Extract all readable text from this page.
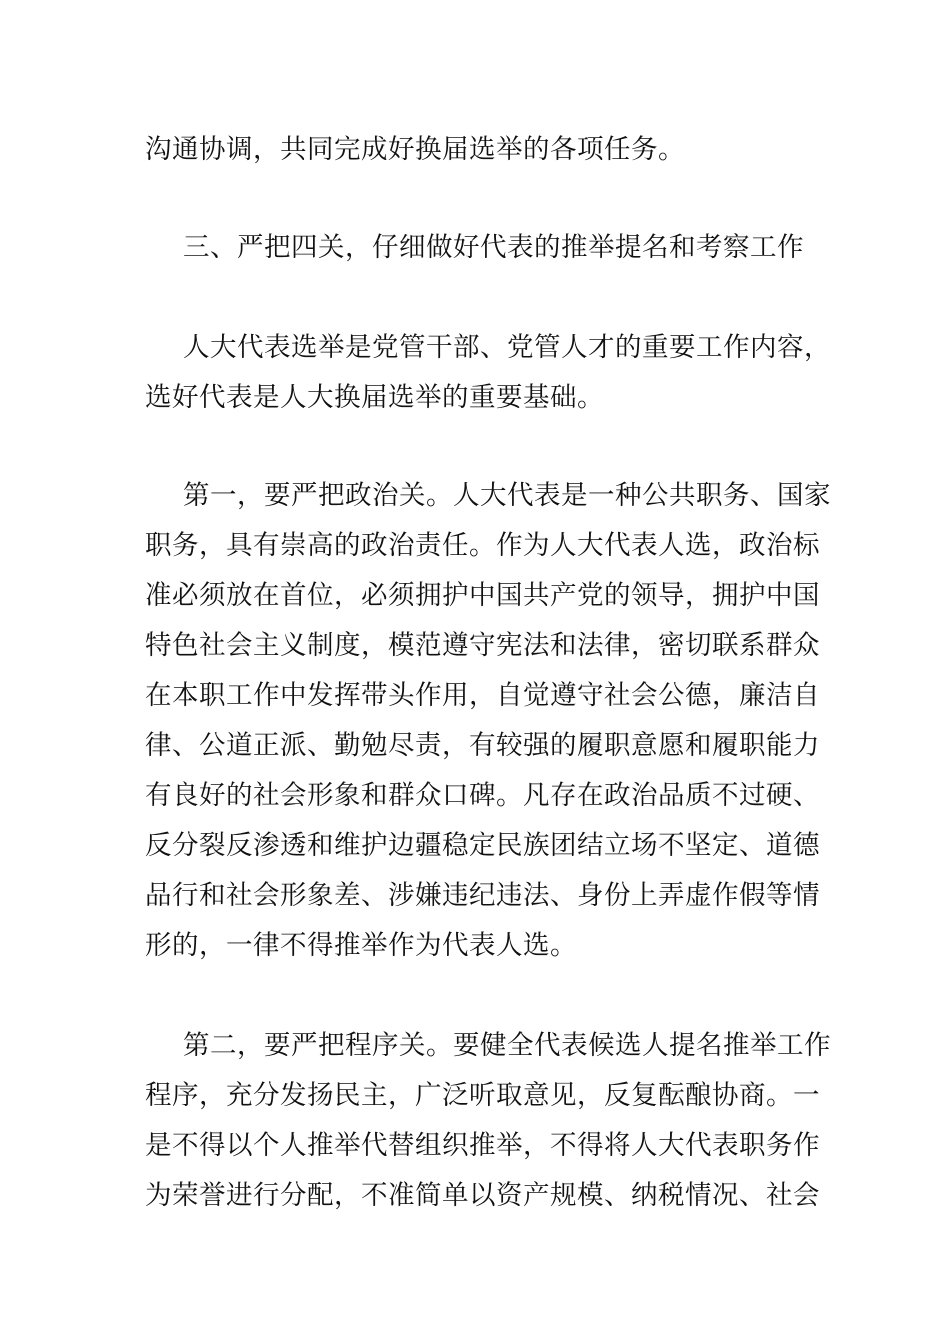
沟通协调，共同完成好换届选举的各项任务。
三、严把四关，仔细做好代表的推举提名和考察工作
人大代表选举是党管干部、党管人才的重要工作内容，
选好代表是人大换届选举的重要基础。
第一，要严把政治关。人大代表是一种公共职务、国家
职务，具有崇高的政治责任。作为人大代表人选，政治标
准必须放在首位，必须拥护中国共产党的领导，拥护中国
特色社会主义制度，模范遵守宪法和法律，密切联系群众
在本职工作中发挥带头作用，自觉遵守社会公德，廉洁自
律、公道正派、勤勉尽责，有较强的履职意愿和履职能力
有良好的社会形象和群众口碑。凡存在政治品质不过硬、
反分裂反渗透和维护边疆稳定民族团结立场不坚定、道德
品行和社会形象差、涉嫌违纪违法、身份上弄虚作假等情
形的，一律不得推举作为代表人选。
第二，要严把程序关。要健全代表候选人提名推举工作
程序，充分发扬民主，广泛听取意见，反复酝酿协商。一
是不得以个人推举代替组织推举，不得将人大代表职务作
为荣誉进行分配，不准简单以资产规模、纳税情况、社会
